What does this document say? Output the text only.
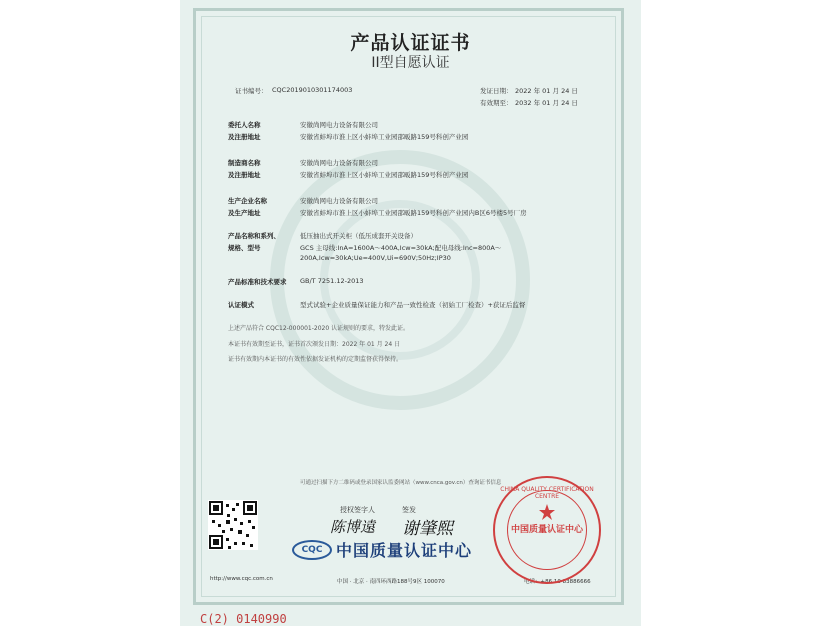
产品认证证书
II型自愿认证
证书编号： CQC2019010301174003	发证日期： 2022 年 01 月 24 日
有效期至： 2032 年 01 月 24 日
委托人名称	安徽尚网电力设备有限公司
及注册地址	安徽省蚌埠市淮上区小蚌埠工业园邵畈路159号科创产业园
制造商名称	安徽尚网电力设备有限公司
及注册地址	安徽省蚌埠市淮上区小蚌埠工业园邵畈路159号科创产业园
生产企业名称	安徽尚网电力设备有限公司
及生产地址	安徽省蚌埠市淮上区小蚌埠工业园邵畈路159号科创产业园内B区6号楼5号厂房
产品名称和系列、	低压抽出式开关柜（低压成套开关设备）
规格、型号	GCS 主母线:InA=1600A～400A,Icw=30kA;配电母线:Inc=800A～
200A,Icw=30kA;Ue=400V,Ui=690V;50Hz;IP30
产品标准和技术要求 GB/T 7251.12-2013
认证模式	型式试验+企业质量保证能力和产品一致性检查（初始工厂检查）+获证后监督
上述产品符合 CQC12-000001-2020 认证规则的要求，特发此证。
本证书有效期至证书，证书首次颁发日期：2022 年 01 月 24 日
证书有效期内本证书的有效性依据发证机构的定期监督获得保持。
可通过扫描下方二维码或登录国家认监委网站（www.cnca.gov.cn）查询证书信息
http://www.cqc.com.cn
授权签字人	签发
陈博遠 谢肇熙
CQC 中国质量认证中心
中国 · 北京 · 南四环西路188号9区 100070	电话：+86 10 83886666
CHINA QUALITY CERTIFICATION CENTRE
中国质量认证中心
C(2) 0140990
